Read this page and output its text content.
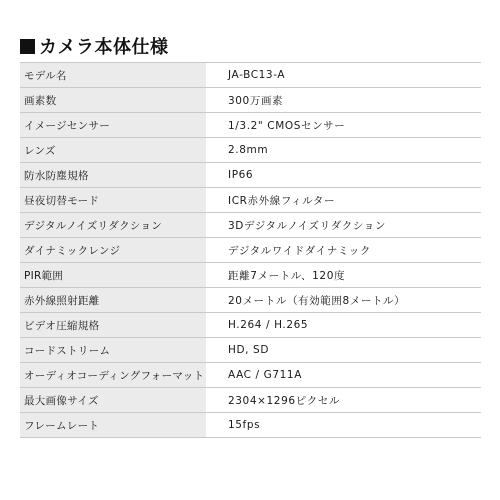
カメラ本体仕様
モデル名	JA-BC13-A
画素数	300万画素
イメージセンサー	1/3.2" CMOSセンサー
レンズ	2.8mm
防水防塵規格	IP66
昼夜切替モード	ICR赤外線フィルター
デジタルノイズリダクション	3Dデジタルノイズリダクション
ダイナミックレンジ	デジタルワイドダイナミック
PIR範囲	距離7メートル、120度
赤外線照射距離	20メートル（有効範囲8メートル）
ビデオ圧縮規格	H.264 / H.265
コードストリーム	HD, SD
オーディオコーディングフォーマット	AAC / G711A
最大画像サイズ	2304×1296ピクセル
フレームレート	15fps
